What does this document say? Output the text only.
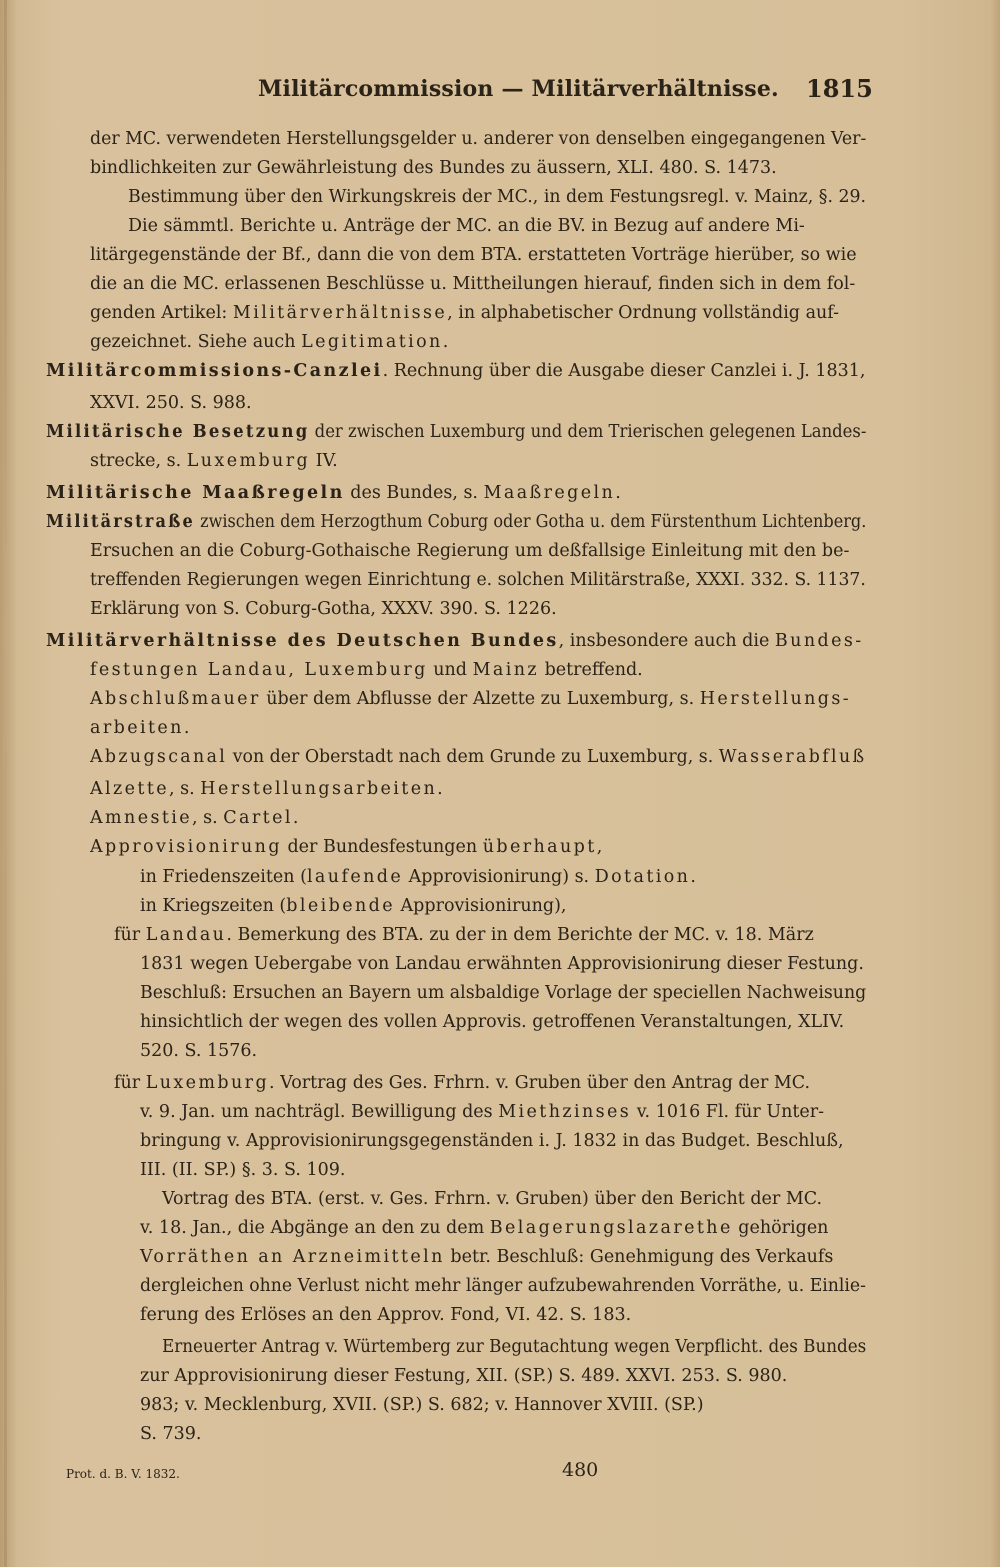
Militärcommission — Militärverhältnisse. 1815
der MC. verwendeten Herstellungsgelder u. anderer von denselben eingegangenen Ver-
bindlichkeiten zur Gewährleistung des Bundes zu äussern, XLI. 480. S. 1473.
Bestimmung über den Wirkungskreis der MC., in dem Festungsregl. v. Mainz, §. 29.
Die sämmtl. Berichte u. Anträge der MC. an die BV. in Bezug auf andere Mi-
litärgegenstände der Bf., dann die von dem BTA. erstatteten Vorträge hierüber, so wie
die an die MC. erlassenen Beschlüsse u. Mittheilungen hierauf, finden sich in dem fol-
genden Artikel: Militärverhältnisse, in alphabetischer Ordnung vollständig auf-
gezeichnet. Siehe auch Legitimation.
Militärcommissions-Canzlei. Rechnung über die Ausgabe dieser Canzlei i. J. 1831,
XXVI. 250. S. 988.
Militärische Besetzung der zwischen Luxemburg und dem Trierischen gelegenen Landes-
strecke, s. Luxemburg IV.
Militärische Maaßregeln des Bundes, s. Maaßregeln.
Militärstraße zwischen dem Herzogthum Coburg oder Gotha u. dem Fürstenthum Lichtenberg.
Ersuchen an die Coburg-Gothaische Regierung um deßfallsige Einleitung mit den be-
treffenden Regierungen wegen Einrichtung e. solchen Militärstraße, XXXI. 332. S. 1137.
Erklärung von S. Coburg-Gotha, XXXV. 390. S. 1226.
Militärverhältnisse des Deutschen Bundes, insbesondere auch die Bundes-
festungen Landau, Luxemburg und Mainz betreffend.
Abschlußmauer über dem Abflusse der Alzette zu Luxemburg, s. Herstellungs-
arbeiten.
Abzugscanal von der Oberstadt nach dem Grunde zu Luxemburg, s. Wasserabfluß
Alzette, s. Herstellungsarbeiten.
Amnestie, s. Cartel.
Approvisionirung der Bundesfestungen überhaupt,
in Friedenszeiten (laufende Approvisionirung) s. Dotation.
in Kriegszeiten (bleibende Approvisionirung),
für Landau. Bemerkung des BTA. zu der in dem Berichte der MC. v. 18. März
1831 wegen Uebergabe von Landau erwähnten Approvisionirung dieser Festung.
Beschluß: Ersuchen an Bayern um alsbaldige Vorlage der speciellen Nachweisung
hinsichtlich der wegen des vollen Approvis. getroffenen Veranstaltungen, XLIV.
520. S. 1576.
für Luxemburg. Vortrag des Ges. Frhrn. v. Gruben über den Antrag der MC.
v. 9. Jan. um nachträgl. Bewilligung des Miethzinses v. 1016 Fl. für Unter-
bringung v. Approvisionirungsgegenständen i. J. 1832 in das Budget. Beschluß,
III. (II. SP.) §. 3. S. 109.
Vortrag des BTA. (erst. v. Ges. Frhrn. v. Gruben) über den Bericht der MC.
v. 18. Jan., die Abgänge an den zu dem Belagerungslazarethe gehörigen
Vorräthen an Arzneimitteln betr. Beschluß: Genehmigung des Verkaufs
dergleichen ohne Verlust nicht mehr länger aufzubewahrenden Vorräthe, u. Einlie-
ferung des Erlöses an den Approv. Fond, VI. 42. S. 183.
Erneuerter Antrag v. Würtemberg zur Begutachtung wegen Verpflicht. des Bundes
zur Approvisionirung dieser Festung, XII. (SP.) S. 489. XXVI. 253. S. 980.
983; v. Mecklenburg, XVII. (SP.) S. 682; v. Hannover XVIII. (SP.)
S. 739.
Prot. d. B. V. 1832.	480
